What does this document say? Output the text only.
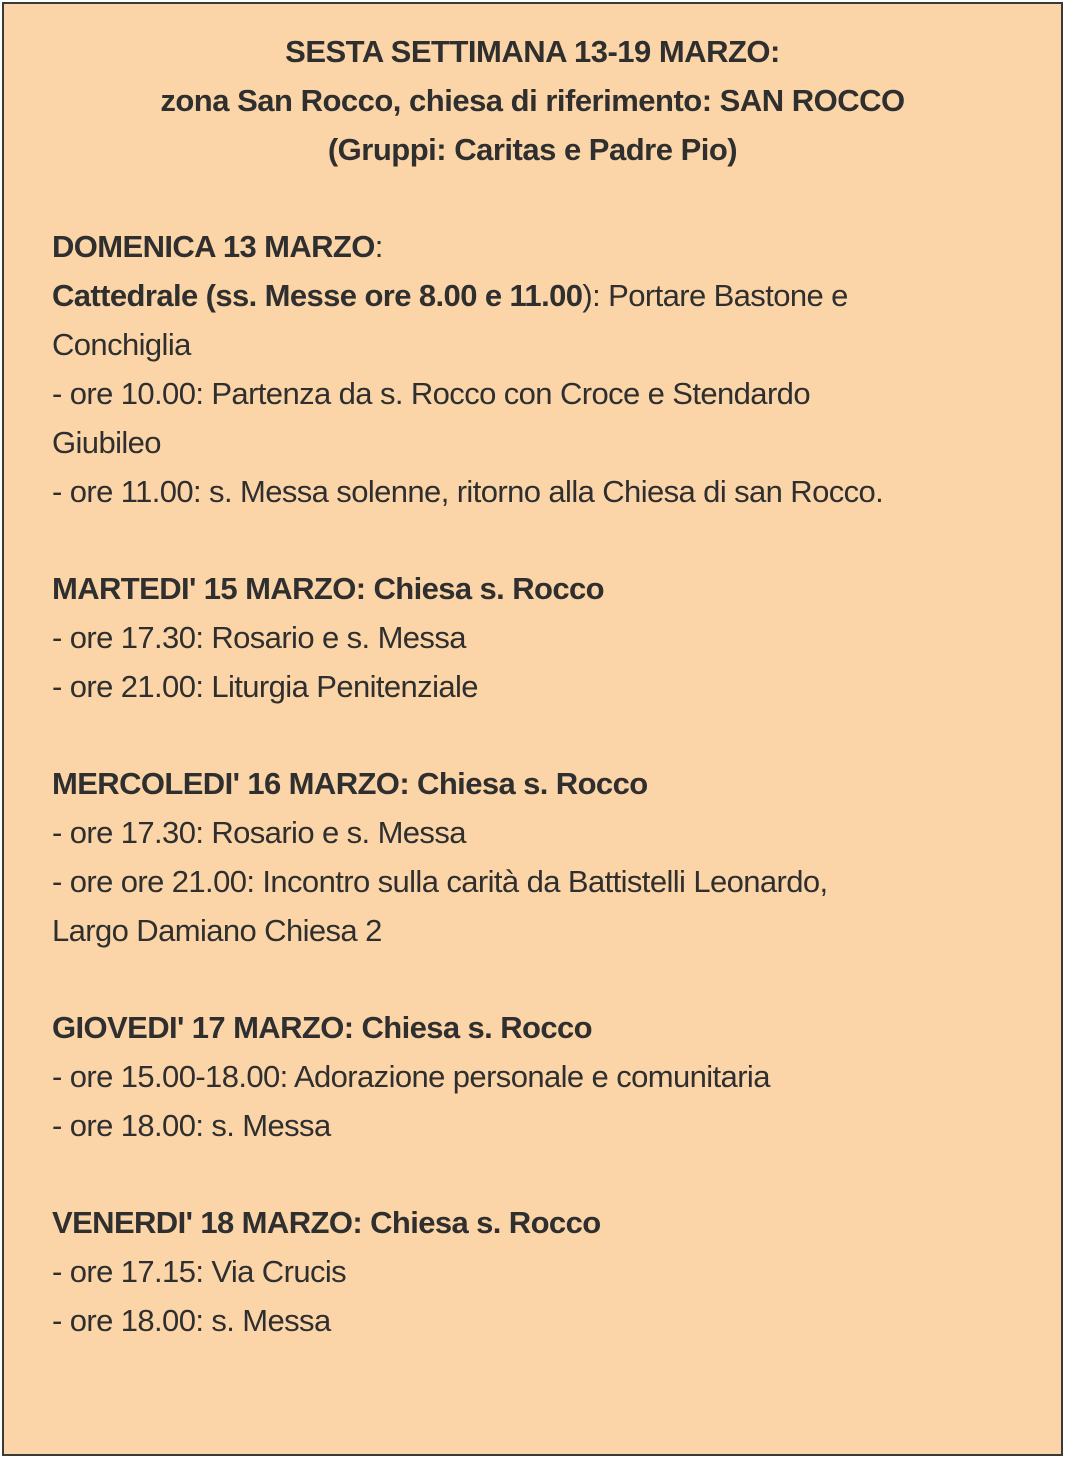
SESTA SETTIMANA 13-19 MARZO:
zona San Rocco, chiesa di riferimento: SAN ROCCO
(Gruppi: Caritas e Padre Pio)
DOMENICA 13 MARZO:
Cattedrale (ss. Messe ore 8.00 e 11.00): Portare Bastone e
Conchiglia
- ore 10.00: Partenza da s. Rocco con Croce e Stendardo
Giubileo
- ore 11.00: s. Messa solenne, ritorno alla Chiesa di san Rocco.
MARTEDI' 15 MARZO: Chiesa s. Rocco
- ore 17.30: Rosario e s. Messa
- ore 21.00: Liturgia Penitenziale
MERCOLEDI' 16 MARZO: Chiesa s. Rocco
- ore 17.30: Rosario e s. Messa
- ore ore 21.00: Incontro sulla carità da Battistelli Leonardo,
Largo Damiano Chiesa 2
GIOVEDI' 17 MARZO: Chiesa s. Rocco
- ore 15.00-18.00: Adorazione personale e comunitaria
- ore 18.00: s. Messa
VENERDI' 18 MARZO: Chiesa s. Rocco
- ore 17.15: Via Crucis
- ore 18.00: s. Messa
